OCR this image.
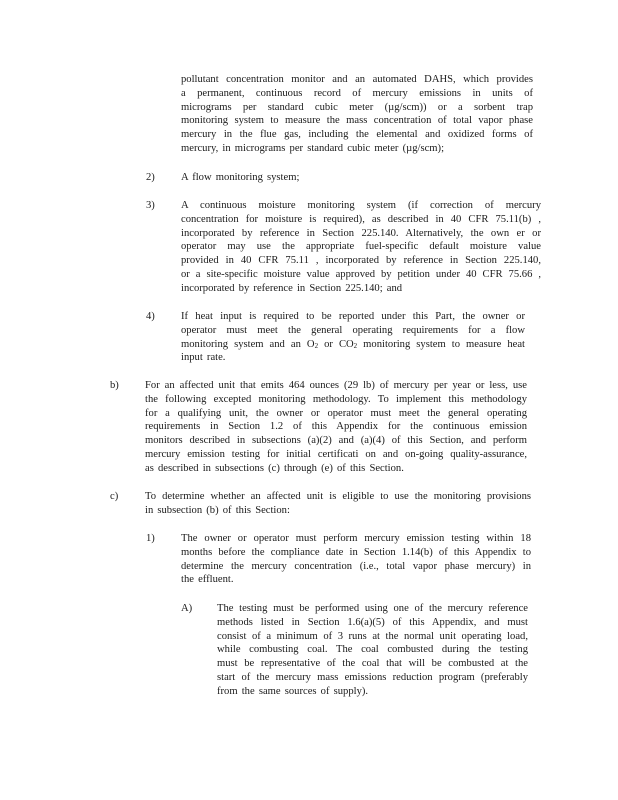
pollutant concentration monitor and an automated DAHS, which provides
a permanent, continuous record of mercury emissions in units of
micrograms per standard cubic meter (µg/scm)) or a sorbent trap
monitoring system to measure the mass concentration of total vapor phase
mercury in the flue gas, including the elemental and oxidized forms of
mercury, in micrograms per standard cubic meter (µg/scm);
2) A flow monitoring system;
3) A continuous moisture monitoring system (if correction of mercury
concentration for moisture is required), as described in 40 CFR 75.11(b) ,
incorporated by reference in Section 225.140. Alternatively, the own er or
operator may use the appropriate fuel-specific default moisture value
provided in 40 CFR 75.11 , incorporated by reference in Section 225.140,
or a site-specific moisture value approved by petition under 40 CFR 75.66 ,
incorporated by reference in Section 225.140; and
4) If heat input is required to be reported under this Part, the owner or
operator must meet the general operating requirements for a flow
monitoring system and an $O_2$ or $CO_2$ monitoring system to measure heat
input rate.
b) For an affected unit that emits 464 ounces (29 lb) of mercury per year or less, use
the following excepted monitoring methodology. To implement this methodology
for a qualifying unit, the owner or operator must meet the general operating
requirements in Section 1.2 of this Appendix for the continuous emission
monitors described in subsections (a)(2) and (a)(4) of this Section, and perform
mercury emission testing for initial certificati on and on-going quality-assurance,
as described in subsections (c) through (e) of this Section.
c)	To determine whether an affected unit is eligible to use the monitoring provisions
in subsection (b) of this Section:
1) The owner or operator must perform mercury emission testing within 18
months before the compliance date in Section 1.14(b) of this Appendix to
determine the mercury concentration (i.e., total vapor phase mercury) in
the effluent.
A) The testing must be performed using one of the mercury reference
methods listed in Section 1.6(a)(5) of this Appendix, and must
consist of a minimum of 3 runs at the normal unit operating load,
while combusting coal. The coal combusted during the testing
must be representative of the coal that will be combusted at the
start of the mercury mass emissions reduction program (preferably
from the same sources of supply).
